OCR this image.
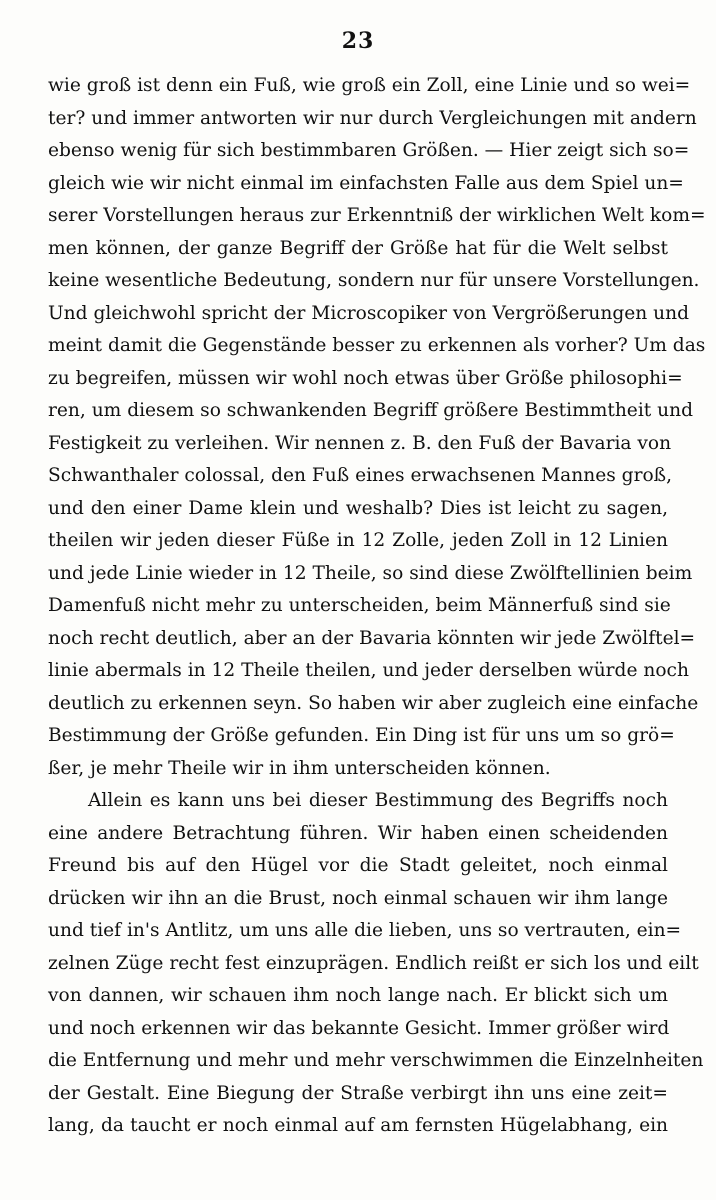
23
wie groß ist denn ein Fuß, wie groß ein Zoll, eine Linie und so wei=
ter? und immer antworten wir nur durch Vergleichungen mit andern
ebenso wenig für sich bestimmbaren Größen. — Hier zeigt sich so=
gleich wie wir nicht einmal im einfachsten Falle aus dem Spiel un=
serer Vorstellungen heraus zur Erkenntniß der wirklichen Welt kom=
men können, der ganze Begriff der Größe hat für die Welt selbst
keine wesentliche Bedeutung, sondern nur für unsere Vorstellungen.
Und gleichwohl spricht der Microscopiker von Vergrößerungen und
meint damit die Gegenstände besser zu erkennen als vorher? Um das
zu begreifen, müssen wir wohl noch etwas über Größe philosophi=
ren, um diesem so schwankenden Begriff größere Bestimmtheit und
Festigkeit zu verleihen. Wir nennen z. B. den Fuß der Bavaria von
Schwanthaler colossal, den Fuß eines erwachsenen Mannes groß,
und den einer Dame klein und weshalb? Dies ist leicht zu sagen,
theilen wir jeden dieser Füße in 12 Zolle, jeden Zoll in 12 Linien
und jede Linie wieder in 12 Theile, so sind diese Zwölftellinien beim
Damenfuß nicht mehr zu unterscheiden, beim Männerfuß sind sie
noch recht deutlich, aber an der Bavaria könnten wir jede Zwölftel=
linie abermals in 12 Theile theilen, und jeder derselben würde noch
deutlich zu erkennen seyn. So haben wir aber zugleich eine einfache
Bestimmung der Größe gefunden. Ein Ding ist für uns um so grö=
ßer, je mehr Theile wir in ihm unterscheiden können.
Allein es kann uns bei dieser Bestimmung des Begriffs noch
eine andere Betrachtung führen. Wir haben einen scheidenden
Freund bis auf den Hügel vor die Stadt geleitet, noch einmal
drücken wir ihn an die Brust, noch einmal schauen wir ihm lange
und tief in's Antlitz, um uns alle die lieben, uns so vertrauten, ein=
zelnen Züge recht fest einzuprägen. Endlich reißt er sich los und eilt
von dannen, wir schauen ihm noch lange nach. Er blickt sich um
und noch erkennen wir das bekannte Gesicht. Immer größer wird
die Entfernung und mehr und mehr verschwimmen die Einzelnheiten
der Gestalt. Eine Biegung der Straße verbirgt ihn uns eine zeit=
lang, da taucht er noch einmal auf am fernsten Hügelabhang, ein
